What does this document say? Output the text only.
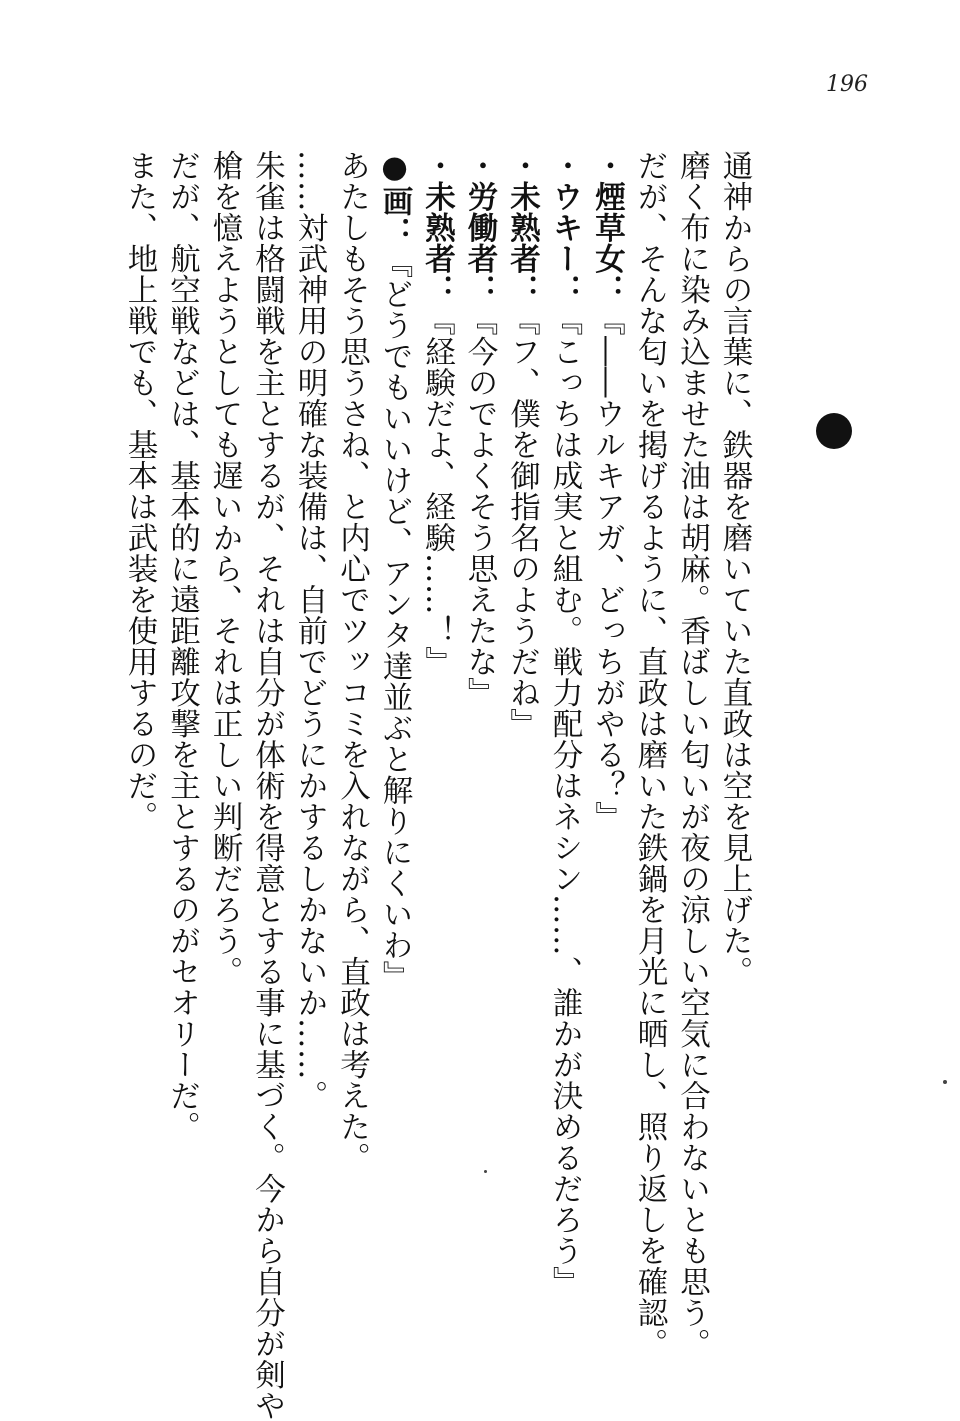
196
通神からの言葉に、鉄器を磨いていた直政は空を見上げた。
磨く布に染み込ませた油は胡麻。香ばしい匂いが夜の涼しい空気に合わないとも思う。
だが、そんな匂いを掲げるように、直政は磨いた鉄鍋を月光に晒し、照り返しを確認。
・煙草女：『――ウルキアガ、どっちがやる？』
・ウキー：『こっちは成実と組む。戦力配分はネシン……、誰かが決めるだろう』
・未熟者：『フ、僕を御指名のようだね』
・労働者：『今のでよくそう思えたな』
・未熟者：『経験だよ、経験……！』
●画：『どうでもいいけど、アンタ達並ぶと解りにくいわ』
あたしもそう思うさね、と内心でツッコミを入れながら、直政は考えた。
……対武神用の明確な装備は、自前でどうにかするしかないか……。
朱雀は格闘戦を主とするが、それは自分が体術を得意とする事に基づく。今から自分が剣や
槍を憶えようとしても遅いから、それは正しい判断だろう。
だが、航空戦などは、基本的に遠距離攻撃を主とするのがセオリーだ。
また、地上戦でも、基本は武装を使用するのだ。
